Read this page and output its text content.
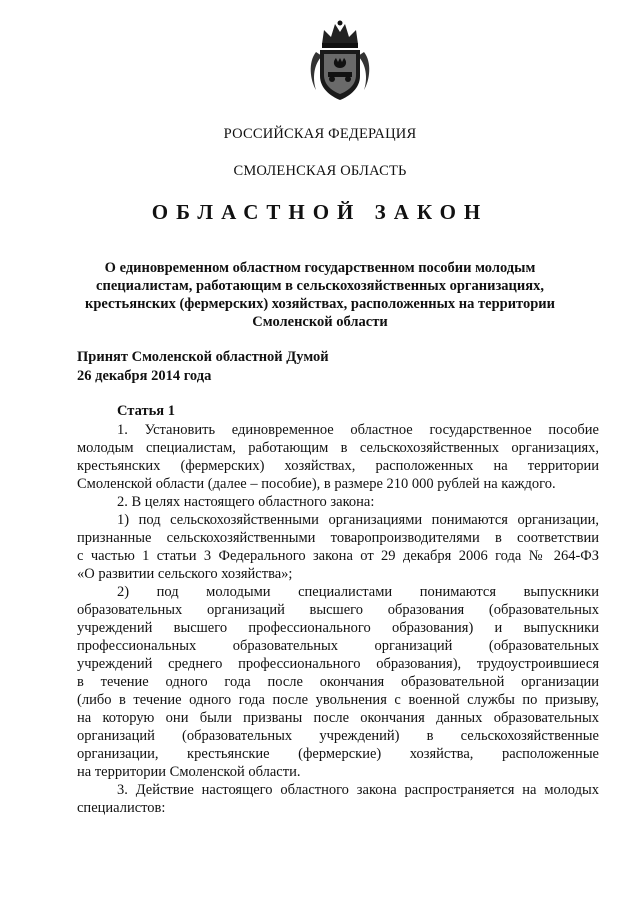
РОССИЙСКАЯ ФЕДЕРАЦИЯ
СМОЛЕНСКАЯ ОБЛАСТЬ
ОБЛАСТНОЙ ЗАКОН
О единовременном областном государственном пособии молодым
специалистам, работающим в сельскохозяйственных организациях,
крестьянских (фермерских) хозяйствах, расположенных на территории
Смоленской области
Принят Смоленской областной Думой
26 декабря 2014 года
Статья 1
1. Установить единовременное областное государственное пособие
молодым специалистам, работающим в сельскохозяйственных организациях,
крестьянских (фермерских) хозяйствах, расположенных на территории
Смоленской области (далее – пособие), в размере 210 000 рублей на каждого.
2. В целях настоящего областного закона:
1) под сельскохозяйственными организациями понимаются организации,
признанные сельскохозяйственными товаропроизводителями в соответствии
с частью 1 статьи 3 Федерального закона от 29 декабря 2006 года № 264-ФЗ
«О развитии сельского хозяйства»;
2) под молодыми специалистами понимаются выпускники
образовательных организаций высшего образования (образовательных
учреждений высшего профессионального образования) и выпускники
профессиональных образовательных организаций (образовательных
учреждений среднего профессионального образования), трудоустроившиеся
в течение одного года после окончания образовательной организации
(либо в течение одного года после увольнения с военной службы по призыву,
на которую они были призваны после окончания данных образовательных
организаций (образовательных учреждений) в сельскохозяйственные
организации, крестьянские (фермерские) хозяйства, расположенные
на территории Смоленской области.
3. Действие настоящего областного закона распространяется на молодых
специалистов:
